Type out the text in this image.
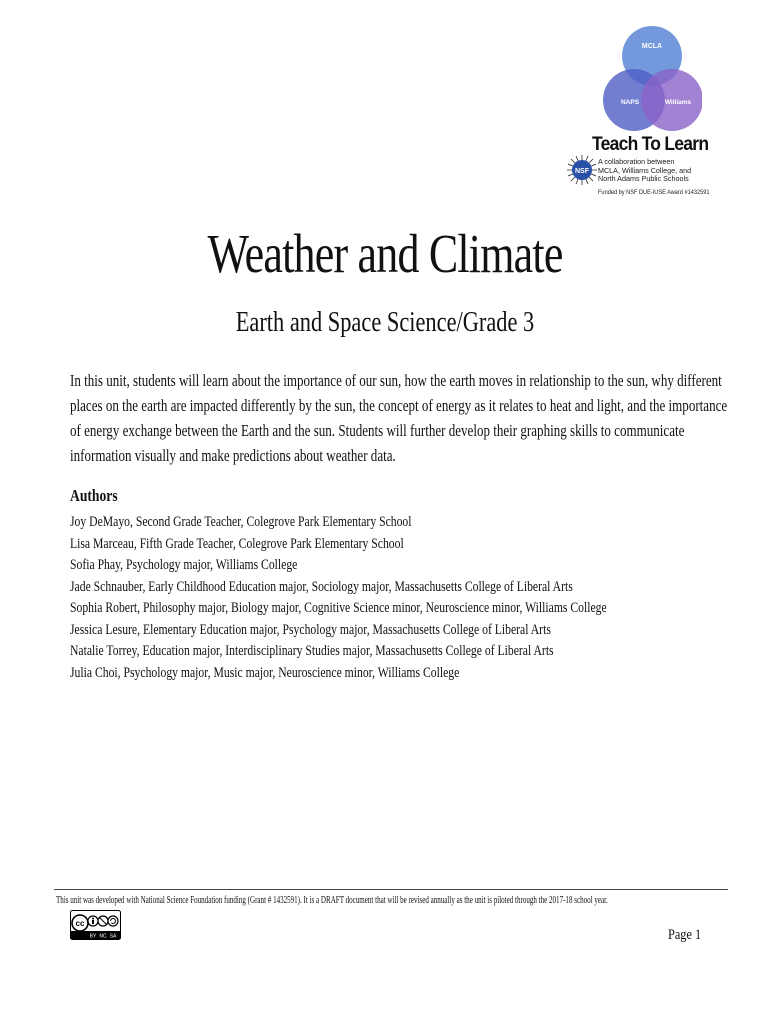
MCLA
NAPS	Williams
NSF
Teach To Learn
A collaboration between
MCLA, Williams College, and
North Adams Public Schools
Funded by NSF DUE-IUSE Award #1432591
Weather and Climate
Earth and Space Science/Grade 3
In this unit, students will learn about the importance of our sun, how the earth moves in relationship to the sun, why different
places on the earth are impacted differently by the sun, the concept of energy as it relates to heat and light, and the importance
of energy exchange between the Earth and the sun. Students will further develop their graphing skills to communicate
information visually and make predictions about weather data.
Authors
Joy DeMayo, Second Grade Teacher, Colegrove Park Elementary School
Lisa Marceau, Fifth Grade Teacher, Colegrove Park Elementary School
Sofia Phay, Psychology major, Williams College
Jade Schnauber, Early Childhood Education major, Sociology major, Massachusetts College of Liberal Arts
Sophia Robert, Philosophy major, Biology major, Cognitive Science minor, Neuroscience minor, Williams College
Jessica Lesure, Elementary Education major, Psychology major, Massachusetts College of Liberal Arts
Natalie Torrey, Education major, Interdisciplinary Studies major, Massachusetts College of Liberal Arts
Julia Choi, Psychology major, Music major, Neuroscience minor, Williams College
This unit was developed with National Science Foundation funding (Grant # 1432591). It is a DRAFT document that will be revised annually as the unit is piloted through the 2017-18 school year.
cc
BY NC SA	Page 1
